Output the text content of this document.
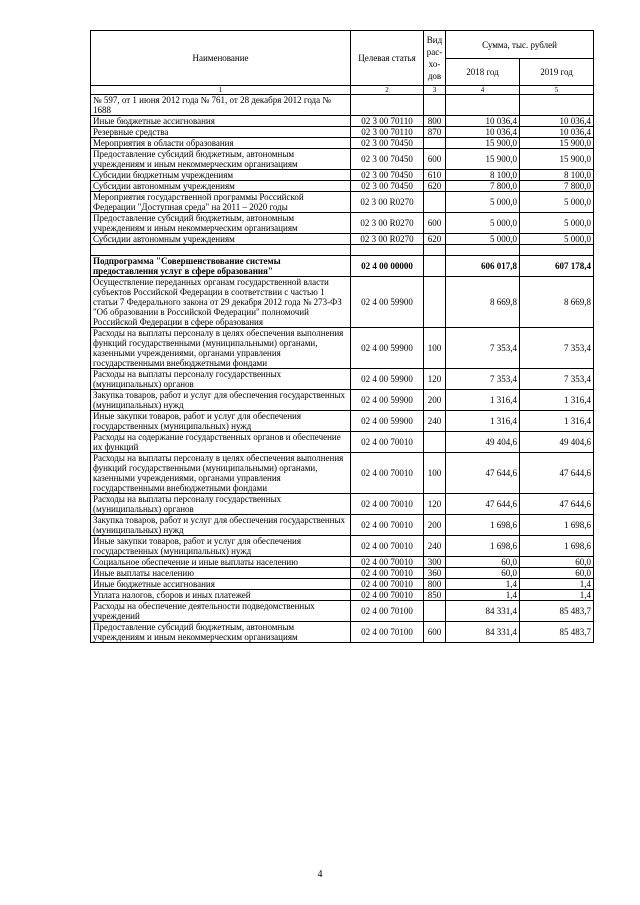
Наименование	Целевая статья	Вид
рас-
хо-
дов	Сумма, тыс. рублей	
			2018 год	2019 год
1	2	3	4	5
№ 597, от 1 июня 2012 года № 761, от 28 декабря 2012 года № 1688				
Иные бюджетные ассигнования	02 3 00 70110	800	10 036,4	10 036,4
Резервные средства	02 3 00 70110	870	10 036,4	10 036,4
Мероприятия в области образования	02 3 00 70450		15 900,0	15 900,0
Предоставление субсидий бюджетным, автономным учреждениям и иным некоммерческим организациям	02 3 00 70450	600	15 900,0	15 900,0
Субсидии бюджетным учреждениям	02 3 00 70450	610	8 100,0	8 100,0
Субсидии автономным учреждениям	02 3 00 70450	620	7 800,0	7 800,0
Мероприятия государственной программы Российской Федерации "Доступная среда" на 2011 – 2020 годы	02 3 00 R0270		5 000,0	5 000,0
Предоставление субсидий бюджетным, автономным учреждениям и иным некоммерческим организациям	02 3 00 R0270	600	5 000,0	5 000,0
Субсидии автономным учреждениям	02 3 00 R0270	620	5 000,0	5 000,0

Подпрограмма "Совершенствование системы предоставления услуг в сфере образования"	02 4 00 00000		606 017,8	607 178,4
Осуществление переданных органам государственной власти субъектов Российской Федерации в соответствии с частью 1 статьи 7 Федерального закона от 29 декабря 2012 года № 273-ФЗ "Об образовании в Российской Федерации" полномочий Российской Федерации в сфере образования	02 4 00 59900		8 669,8	8 669,8
Расходы на выплаты персоналу в целях обеспечения выполнения функций государственными (муниципальными) органами, казенными учреждениями, органами управления государственными внебюджетными фондами	02 4 00 59900	100	7 353,4	7 353,4
Расходы на выплаты персоналу государственных (муниципальных) органов	02 4 00 59900	120	7 353,4	7 353,4
Закупка товаров, работ и услуг для обеспечения государственных (муниципальных) нужд	02 4 00 59900	200	1 316,4	1 316,4
Иные закупки товаров, работ и услуг для обеспечения государственных (муниципальных) нужд	02 4 00 59900	240	1 316,4	1 316,4
Расходы на содержание государственных органов и обеспечение их функций	02 4 00 70010		49 404,6	49 404,6
Расходы на выплаты персоналу в целях обеспечения выполнения функций государственными (муниципальными) органами, казенными учреждениями, органами управления государственными внебюджетными фондами	02 4 00 70010	100	47 644,6	47 644,6
Расходы на выплаты персоналу государственных (муниципальных) органов	02 4 00 70010	120	47 644,6	47 644,6
Закупка товаров, работ и услуг для обеспечения государственных (муниципальных) нужд	02 4 00 70010	200	1 698,6	1 698,6
Иные закупки товаров, работ и услуг для обеспечения государственных (муниципальных) нужд	02 4 00 70010	240	1 698,6	1 698,6
Социальное обеспечение и иные выплаты населению	02 4 00 70010	300	60,0	60,0
Иные выплаты населению	02 4 00 70010	360	60,0	60,0
Иные бюджетные ассигнования	02 4 00 70010	800	1,4	1,4
Уплата налогов, сборов и иных платежей	02 4 00 70010	850	1,4	1,4
Расходы на обеспечение деятельности подведомственных учреждений	02 4 00 70100		84 331,4	85 483,7
Предоставление субсидий бюджетным, автономным учреждениям и иным некоммерческим организациям	02 4 00 70100	600	84 331,4	85 483,7
4
